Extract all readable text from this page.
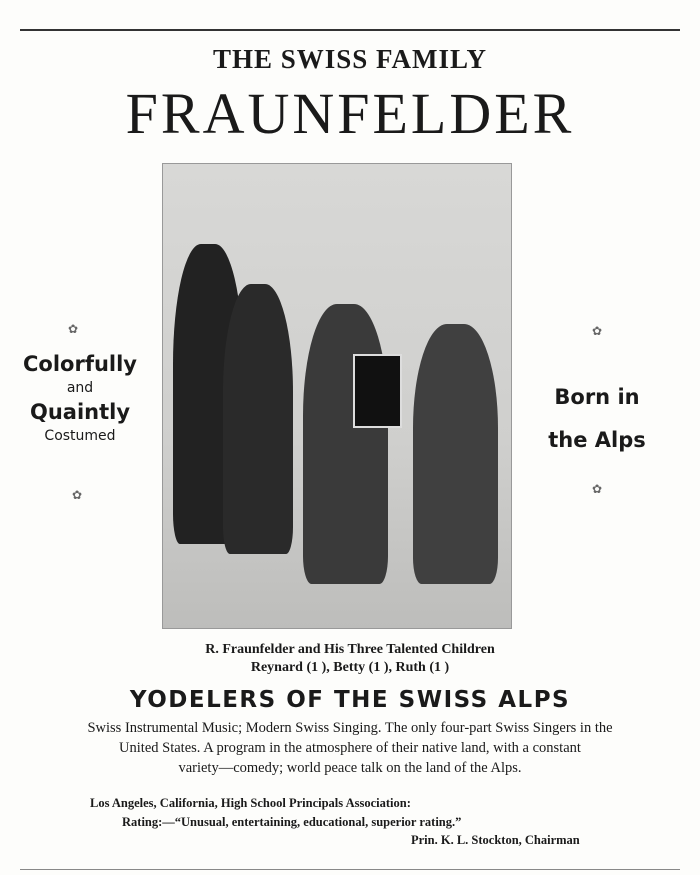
THE SWISS FAMILY
FRAUNFELDER
✿
Colorfully
and
Quaintly
Costumed
✿
✿
Born in
the Alps
✿
R. Fraunfelder and His Three Talented Children
Reynard (1 ), Betty (1 ), Ruth (1 )
YODELERS OF THE SWISS ALPS
Swiss Instrumental Music; Modern Swiss Singing. The only four-part Swiss Singers in the
United States. A program in the atmosphere of their native land, with a constant
variety—comedy; world peace talk on the land of the Alps.
Los Angeles, California, High School Principals Association:
Rating:—“Unusual, entertaining, educational, superior rating.”
Prin. K. L. Stockton, Chairman
